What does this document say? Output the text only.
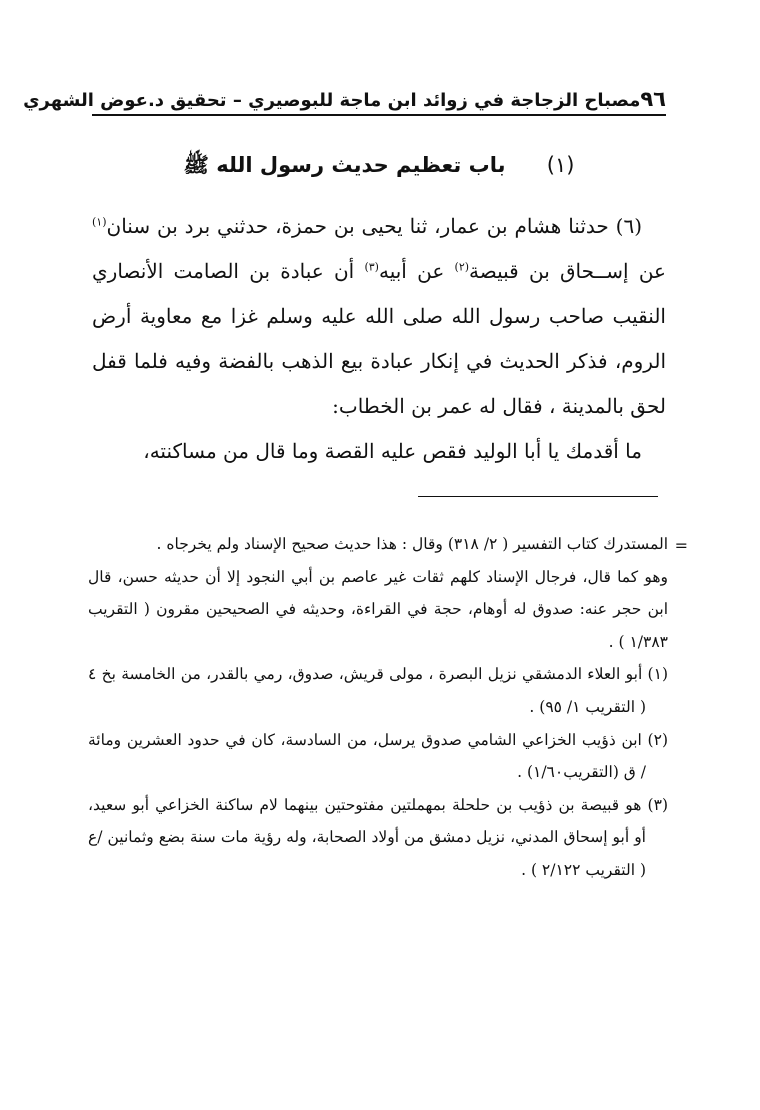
٩٦
مصباح الزجاجة في زوائد ابن ماجة للبوصيري – تحقيق د.عوض الشهري
(١) باب تعظيم حديث رسول الله ﷺ

(٦) حدثنا هشام بن عمار، ثنا يحيى بن حمزة، حدثني برد بن سنان$^{(١)}$ عن إســحاق بن قبيصة$^{(٢)}$ عن أبيه$^{(٣)}$ أن عبادة بن الصامت الأنصاري النقيب صاحب رسول الله صلى الله عليه وسلم غزا مع معاوية أرض الروم، فذكر الحديث في إنكار عبادة بيع الذهب بالفضة وفيه فلما قفل لحق بالمدينة ، فقال له عمر بن الخطاب:

ما أقدمك يا أبا الوليد فقص عليه القصة وما قال من مساكنته،

=

المستدرك كتاب التفسير ( ٢/ ٣١٨) وقال : هذا حديث صحيح الإسناد ولم يخرجاه .

وهو كما قال، فرجال الإسناد كلهم ثقات غير عاصم بن أبي النجود إلا أن حديثه حسن، قال ابن حجر عنه: صدوق له أوهام، حجة في القراءة، وحديثه في الصحيحين مقرون ( التقريب ١/٣٨٣ ) .

(١) أبو العلاء الدمشقي نزيل البصرة ، مولى قريش، صدوق، رمي بالقدر، من الخامسة بخ ٤ ( التقريب ١/ ٩٥) .

(٢) ابن ذؤيب الخزاعي الشامي صدوق يرسل، من السادسة، كان في حدود العشرين ومائة / ق (التقريب١/٦٠) .

(٣) هو قبيصة بن ذؤيب بن حلحلة بمهملتين مفتوحتين بينهما لام ساكنة الخزاعي أبو سعيد، أو أبو إسحاق المدني، نزيل دمشق من أولاد الصحابة، وله رؤية مات سنة بضع وثمانين /ع ( التقريب ٢/١٢٢ ) .
